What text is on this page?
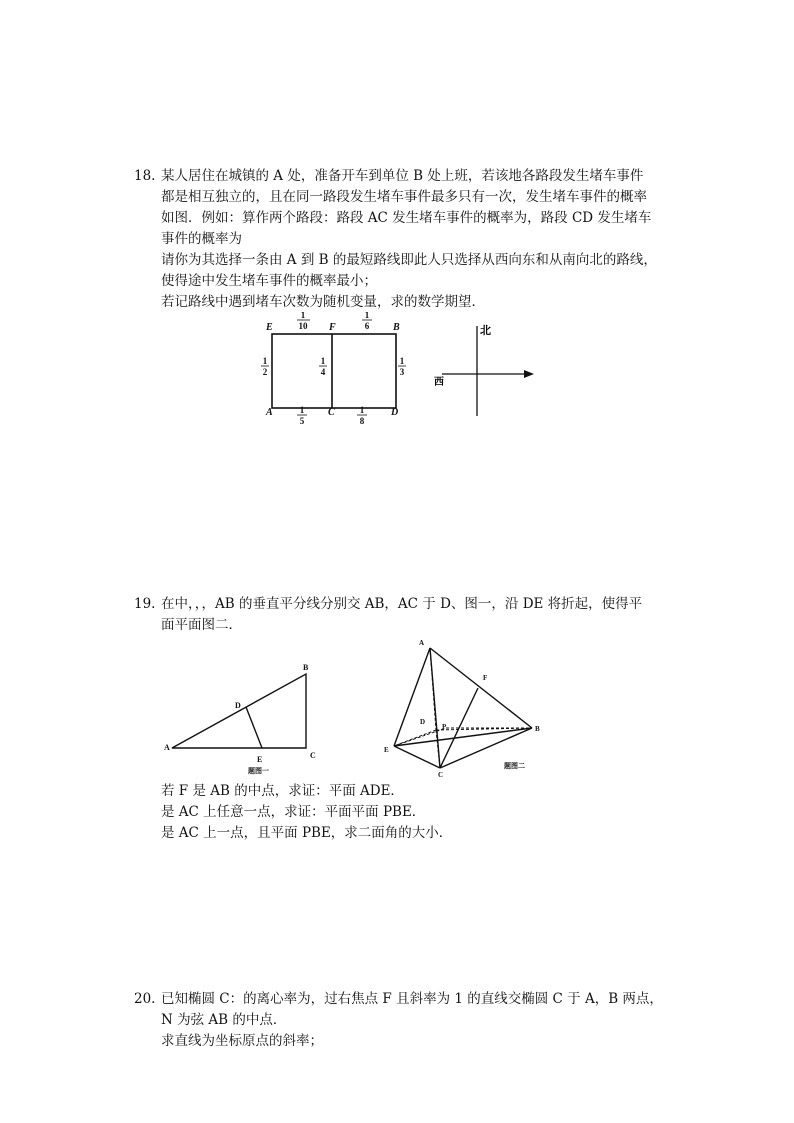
18. 某人居住在城镇的 A 处，准备开车到单位 B 处上班，若该地各路段发生堵车事件
都是相互独立的，且在同一路段发生堵车事件最多只有一次，发生堵车事件的概率
如图．例如：算作两个路段：路段 AC 发生堵车事件的概率为，路段 CD 发生堵车
事件的概率为
请你为其选择一条由 A 到 B 的最短路线即此人只选择从西向东和从南向北的路线，
使得途中发生堵车事件的概率最小；
若记路线中遇到堵车次数为随机变量，求的数学期望．
E	F	B
A	C	D
1
10
1
6
1
2
1
4
1
3
1
5
1
8
北
西
19. 在中，，，AB 的垂直平分线分别交 AB，AC 于 D、图一，沿 DE 将折起，使得平
面平面图二．
A
B
C
D
E
题图一
A
F
D
P
E
B
C
题图二
若 F 是 AB 的中点，求证：平面 ADE．
是 AC 上任意一点，求证：平面平面 PBE．
是 AC 上一点，且平面 PBE，求二面角的大小．
20. 已知椭圆 C：的离心率为，过右焦点 F 且斜率为 1 的直线交椭圆 C 于 A，B 两点，
N 为弦 AB 的中点．
求直线为坐标原点的斜率；
